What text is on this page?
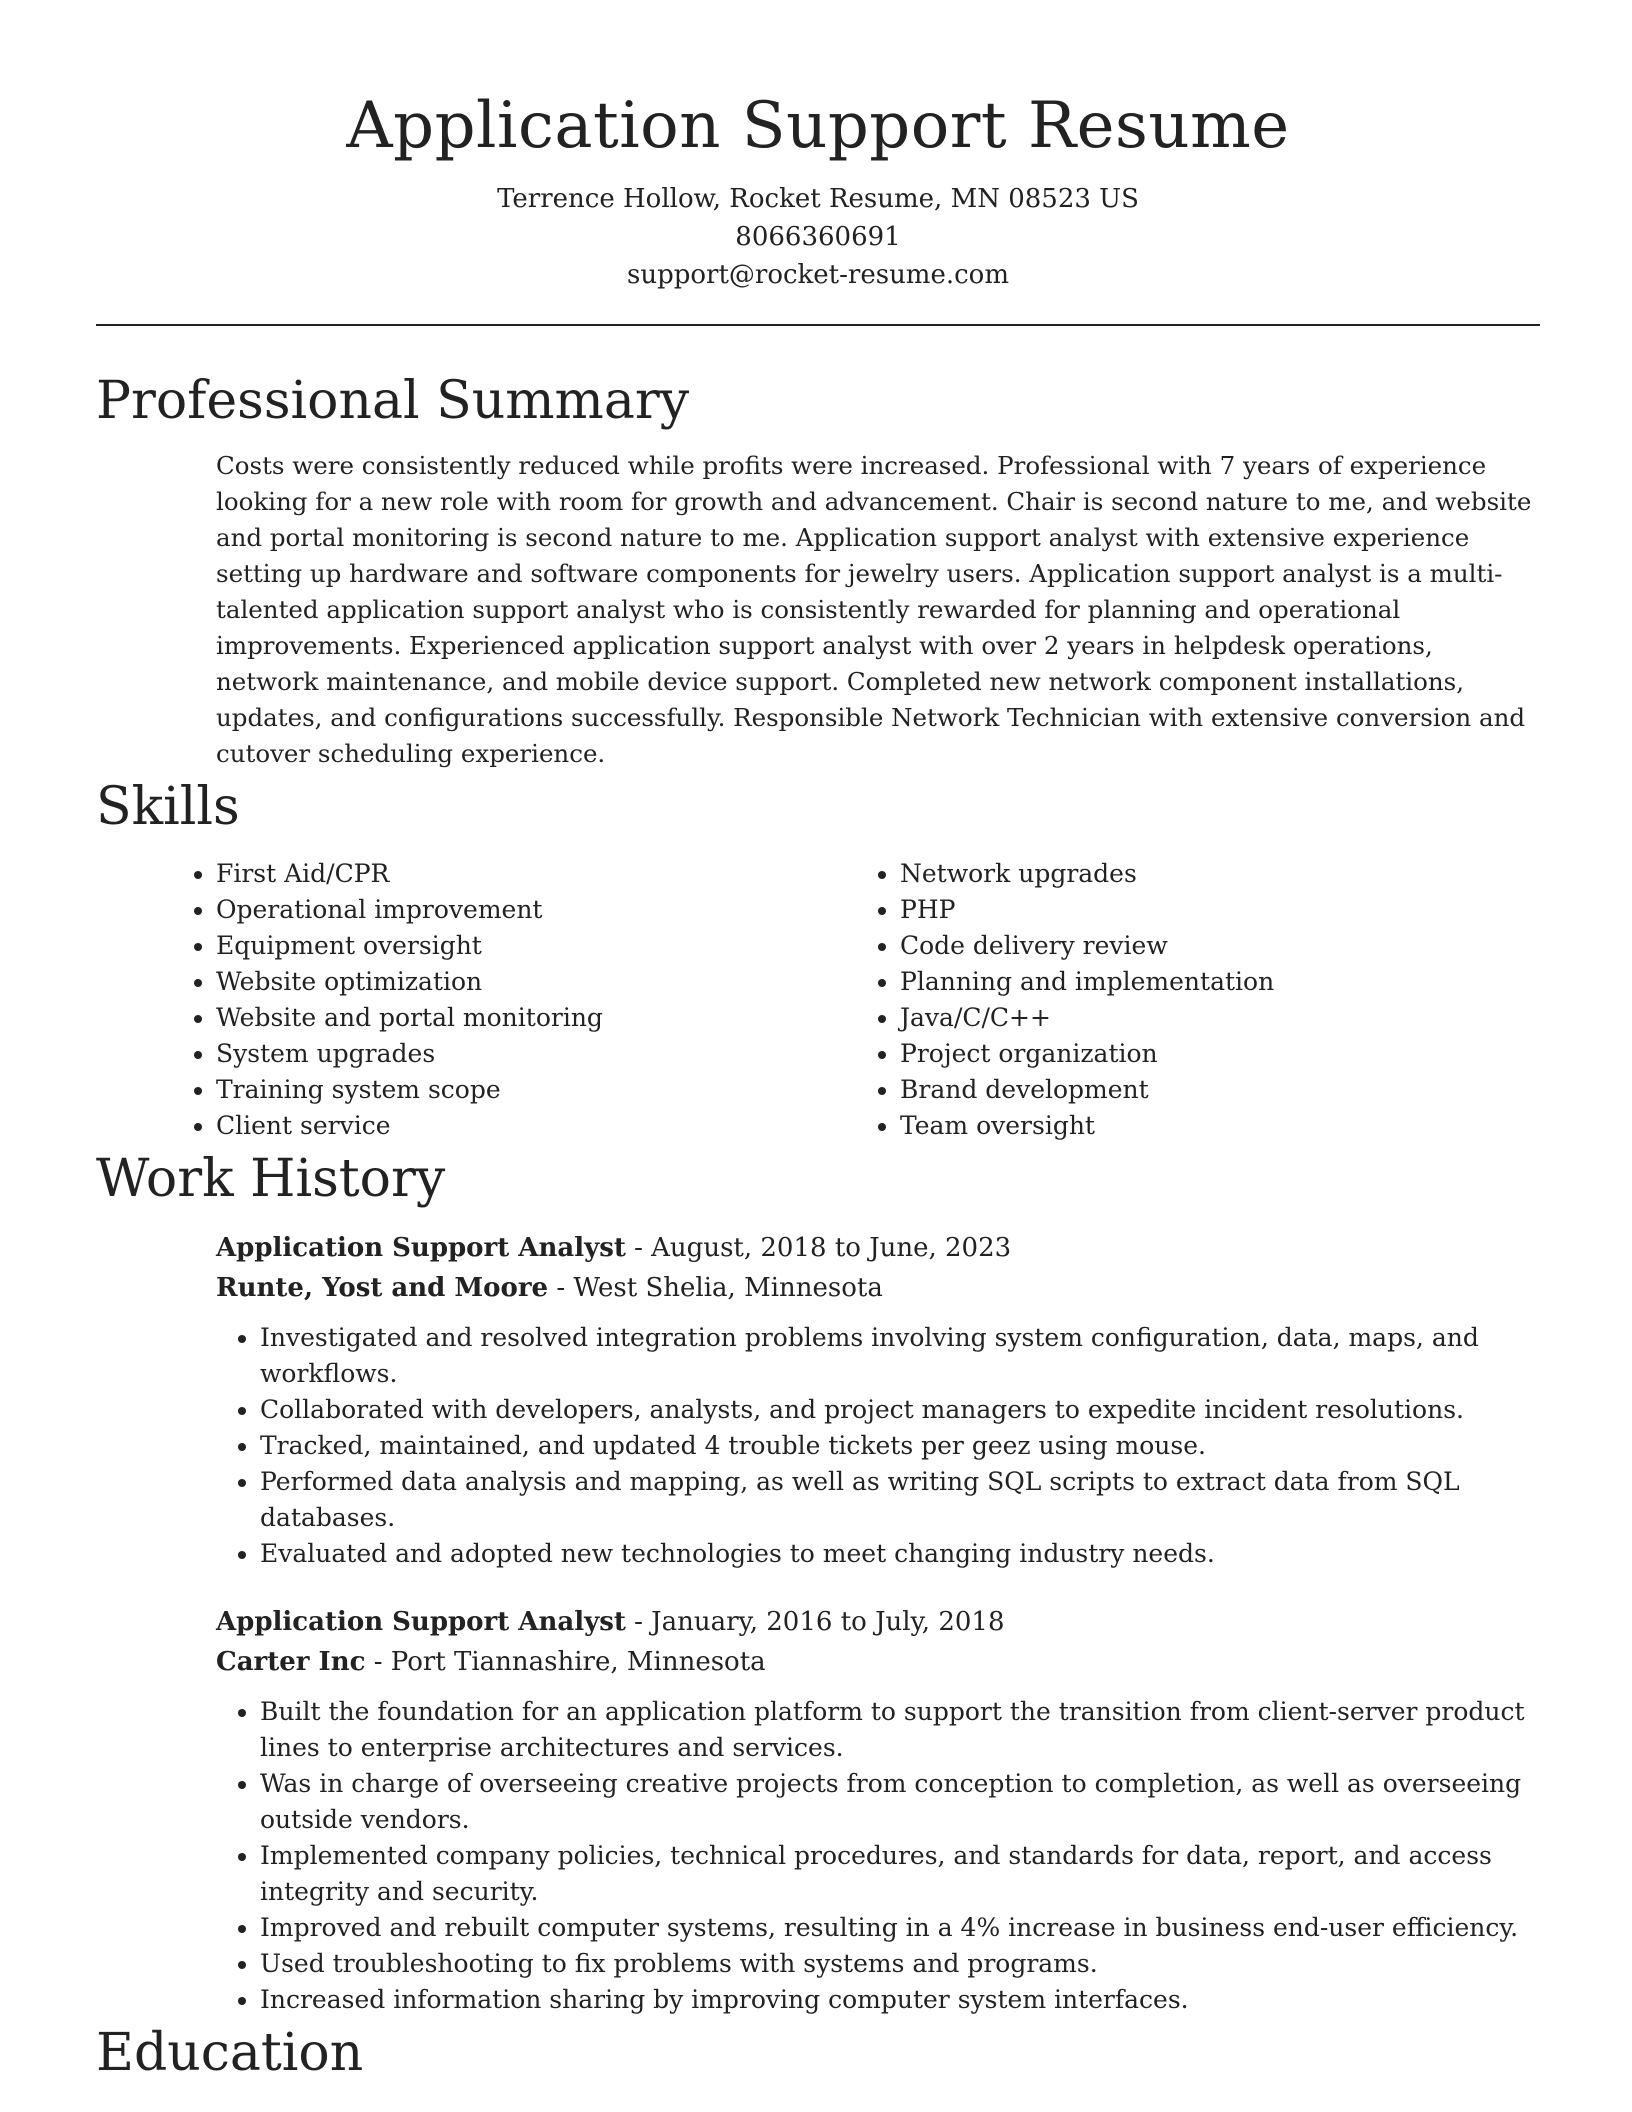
Application Support Resume
Terrence Hollow, Rocket Resume, MN 08523 US
8066360691
support@rocket-resume.com
Professional Summary
Costs were consistently reduced while profits were increased. Professional with 7 years of experience looking for a new role with room for growth and advancement. Chair is second nature to me, and website and portal monitoring is second nature to me. Application support analyst with extensive experience setting up hardware and software components for jewelry users. Application support analyst is a multi-talented application support analyst who is consistently rewarded for planning and operational improvements. Experienced application support analyst with over 2 years in helpdesk operations, network maintenance, and mobile device support. Completed new network component installations, updates, and configurations successfully. Responsible Network Technician with extensive conversion and cutover scheduling experience.
Skills
• First Aid/CPR
• Operational improvement
• Equipment oversight
• Website optimization
• Website and portal monitoring
• System upgrades
• Training system scope
• Client service
• Network upgrades
• PHP
• Code delivery review
• Planning and implementation
• Java/C/C++
• Project organization
• Brand development
• Team oversight
Work History
Application Support Analyst - August, 2018 to June, 2023
Runte, Yost and Moore - West Shelia, Minnesota
• Investigated and resolved integration problems involving system configuration, data, maps, and workflows.
• Collaborated with developers, analysts, and project managers to expedite incident resolutions.
• Tracked, maintained, and updated 4 trouble tickets per geez using mouse.
• Performed data analysis and mapping, as well as writing SQL scripts to extract data from SQL databases.
• Evaluated and adopted new technologies to meet changing industry needs.
Application Support Analyst - January, 2016 to July, 2018
Carter Inc - Port Tiannashire, Minnesota
• Built the foundation for an application platform to support the transition from client-server product lines to enterprise architectures and services.
• Was in charge of overseeing creative projects from conception to completion, as well as overseeing outside vendors.
• Implemented company policies, technical procedures, and standards for data, report, and access integrity and security.
• Improved and rebuilt computer systems, resulting in a 4% increase in business end-user efficiency.
• Used troubleshooting to fix problems with systems and programs.
• Increased information sharing by improving computer system interfaces.
Education
